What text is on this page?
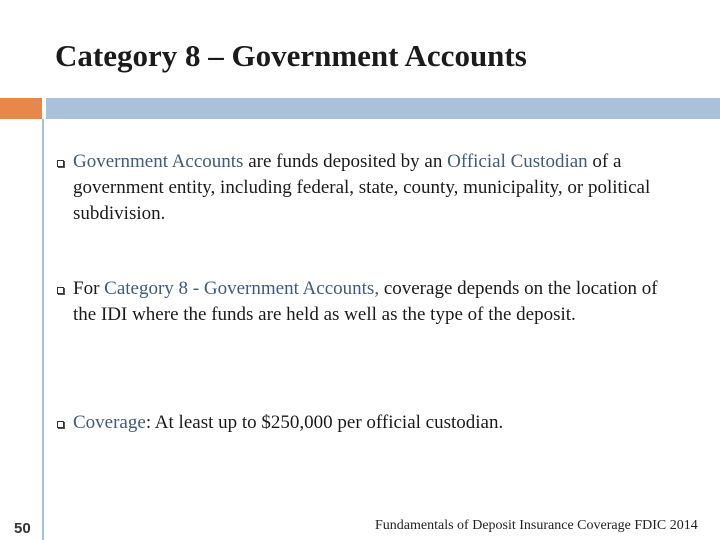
Category 8 – Government Accounts
Government Accounts are funds deposited by an Official Custodian of a government entity, including federal, state, county, municipality, or political subdivision.
For Category 8 - Government Accounts, coverage depends on the location of the IDI where the funds are held as well as the type of the deposit.
Coverage: At least up to $250,000 per official custodian.
50	Fundamentals of Deposit Insurance Coverage FDIC 2014
